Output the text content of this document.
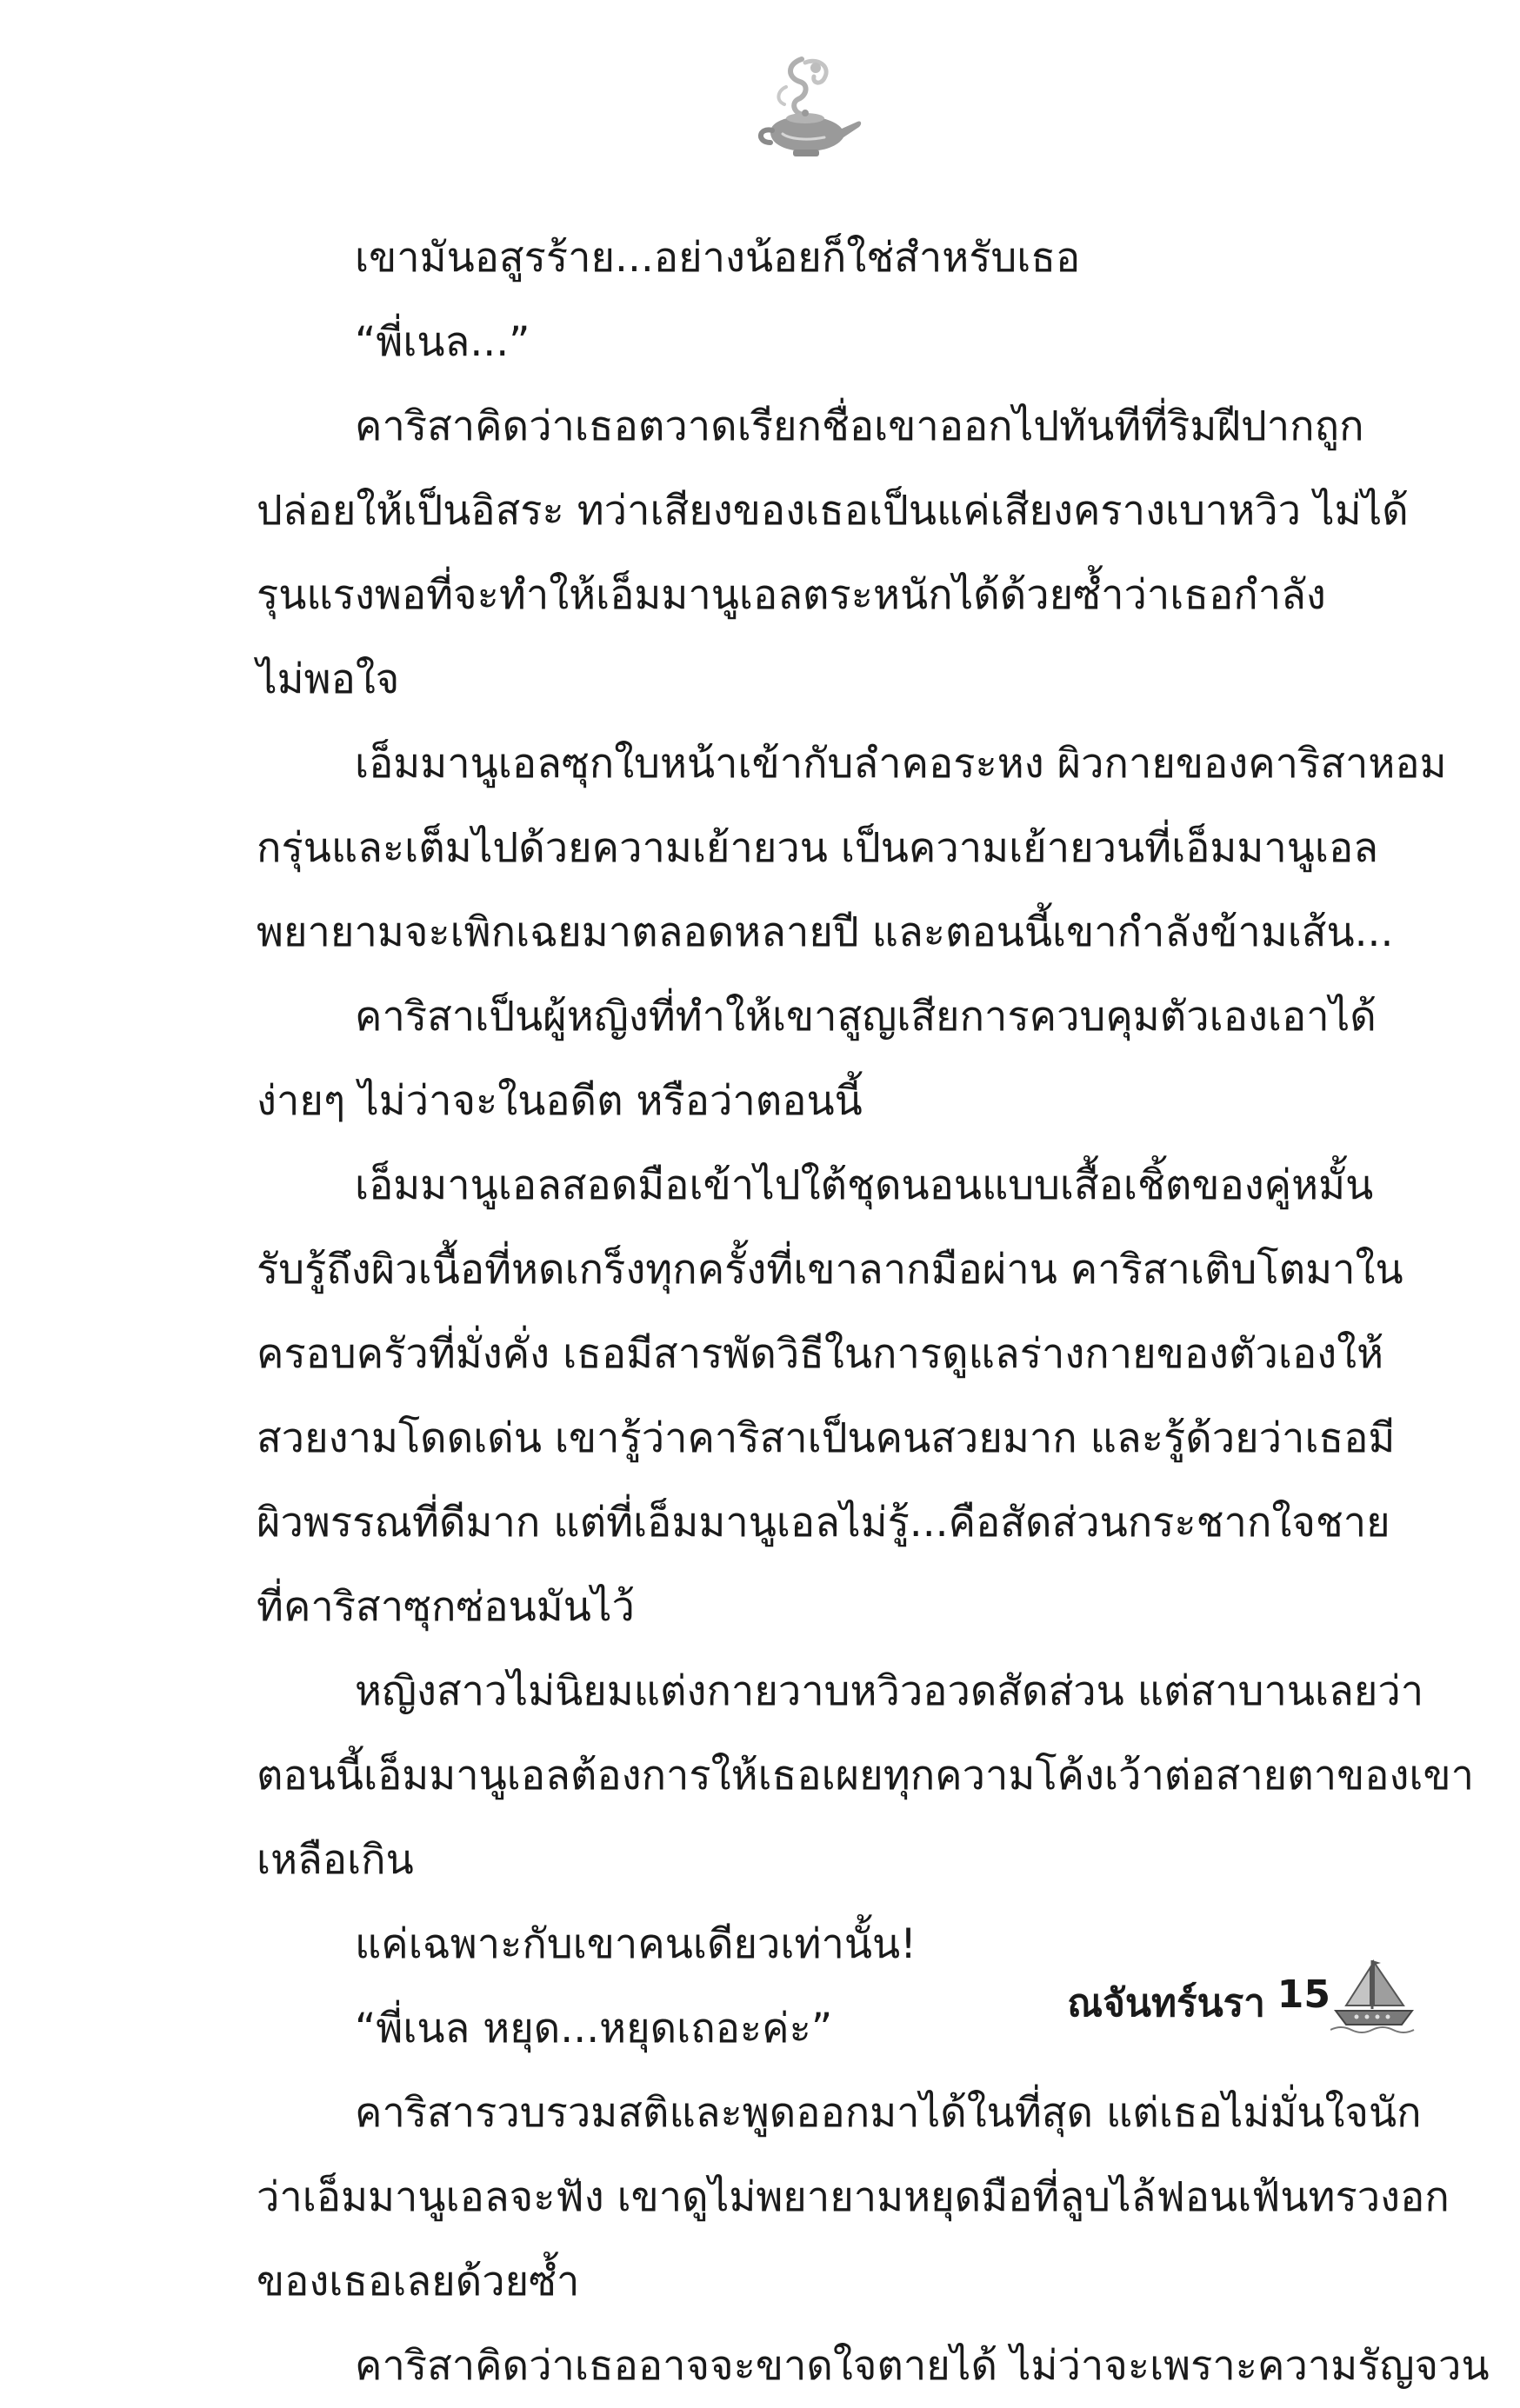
เขามันอสูรร้าย...อย่างน้อยก็ใช่สำหรับเธอ
“พี่เนล...”
คาริสาคิดว่าเธอตวาดเรียกชื่อเขาออกไปทันทีที่ริมฝีปากถูก
ปล่อยให้เป็นอิสระ ทว่าเสียงของเธอเป็นแค่เสียงครางเบาหวิว ไม่ได้
รุนแรงพอที่จะทำให้เอ็มมานูเอลตระหนักได้ด้วยซ้ำว่าเธอกำลัง
ไม่พอใจ
เอ็มมานูเอลซุกใบหน้าเข้ากับลำคอระหง ผิวกายของคาริสาหอม
กรุ่นและเต็มไปด้วยความเย้ายวน เป็นความเย้ายวนที่เอ็มมานูเอล
พยายามจะเพิกเฉยมาตลอดหลายปี และตอนนี้เขากำลังข้ามเส้น...
คาริสาเป็นผู้หญิงที่ทำให้เขาสูญเสียการควบคุมตัวเองเอาได้
ง่ายๆ ไม่ว่าจะในอดีต หรือว่าตอนนี้
เอ็มมานูเอลสอดมือเข้าไปใต้ชุดนอนแบบเสื้อเชิ้ตของคู่หมั้น
รับรู้ถึงผิวเนื้อที่หดเกร็งทุกครั้งที่เขาลากมือผ่าน คาริสาเติบโตมาใน
ครอบครัวที่มั่งคั่ง เธอมีสารพัดวิธีในการดูแลร่างกายของตัวเองให้
สวยงามโดดเด่น เขารู้ว่าคาริสาเป็นคนสวยมาก และรู้ด้วยว่าเธอมี
ผิวพรรณที่ดีมาก แต่ที่เอ็มมานูเอลไม่รู้...คือสัดส่วนกระชากใจชาย
ที่คาริสาซุกซ่อนมันไว้
หญิงสาวไม่นิยมแต่งกายวาบหวิวอวดสัดส่วน แต่สาบานเลยว่า
ตอนนี้เอ็มมานูเอลต้องการให้เธอเผยทุกความโค้งเว้าต่อสายตาของเขา
เหลือเกิน
แค่เฉพาะกับเขาคนเดียวเท่านั้น!
“พี่เนล หยุด...หยุดเถอะค่ะ”
คาริสารวบรวมสติและพูดออกมาได้ในที่สุด แต่เธอไม่มั่นใจนัก
ว่าเอ็มมานูเอลจะฟัง เขาดูไม่พยายามหยุดมือที่ลูบไล้ฟอนเฟ้นทรวงอก
ของเธอเลยด้วยซ้ำ
คาริสาคิดว่าเธออาจจะขาดใจตายได้ ไม่ว่าจะเพราะความรัญจวน
ณจันทร์นรา 15
